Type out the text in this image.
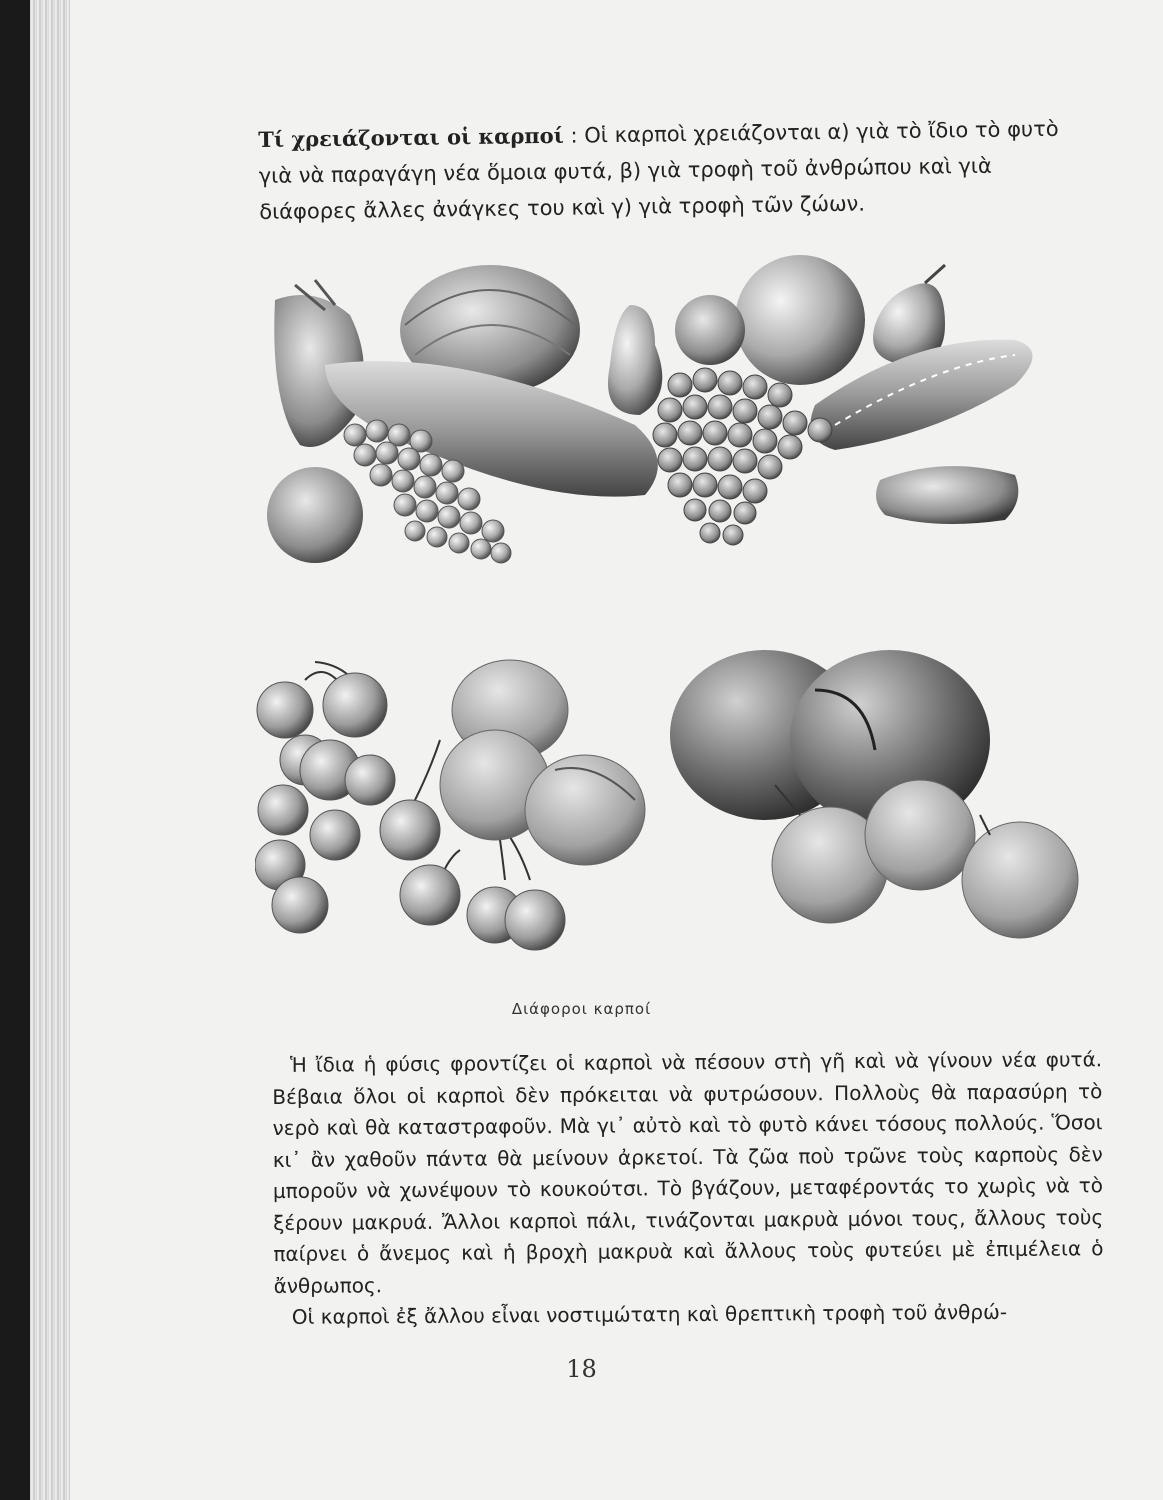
Τί χρειάζονται οἱ καρποί : Οἱ καρποὶ χρειάζονται α) γιὰ τὸ ἴδιο τὸ φυτὸ γιὰ νὰ παραγάγη νέα ὅμοια φυτά, β) γιὰ τροφὴ τοῦ ἀνθρώπου καὶ γιὰ διάφορες ἄλλες ἀνάγκες του καὶ γ) γιὰ τροφὴ τῶν ζώων.
Διάφοροι καρποί

Ἡ ἴδια ἡ φύσις φροντίζει οἱ καρποὶ νὰ πέσουν στὴ γῆ καὶ νὰ γίνουν νέα φυτά. Βέβαια ὅλοι οἱ καρποὶ δὲν πρόκειται νὰ φυτρώσουν. Πολλοὺς θὰ παρασύρη τὸ νερὸ καὶ θὰ καταστραφοῦν. Μὰ γι᾽ αὐτὸ καὶ τὸ φυτὸ κάνει τόσους πολλούς. Ὅσοι κι᾽ ἂν χαθοῦν πάντα θὰ μείνουν ἀρκετοί. Τὰ ζῶα ποὺ τρῶνε τοὺς καρποὺς δὲν μποροῦν νὰ χωνέψουν τὸ κουκούτσι. Τὸ βγάζουν, μεταφέροντάς το χωρὶς νὰ τὸ ξέρουν μακρυά. Ἄλλοι καρποὶ πάλι, τινάζονται μακρυὰ μόνοι τους, ἄλλους τοὺς παίρνει ὁ ἄνεμος καὶ ἡ βροχὴ μακρυὰ καὶ ἄλλους τοὺς φυτεύει μὲ ἐπιμέλεια ὁ ἄνθρωπος.

Οἱ καρποὶ ἐξ ἄλλου εἶναι νοστιμώτατη καὶ θρεπτικὴ τροφὴ τοῦ ἀνθρώ-

18
